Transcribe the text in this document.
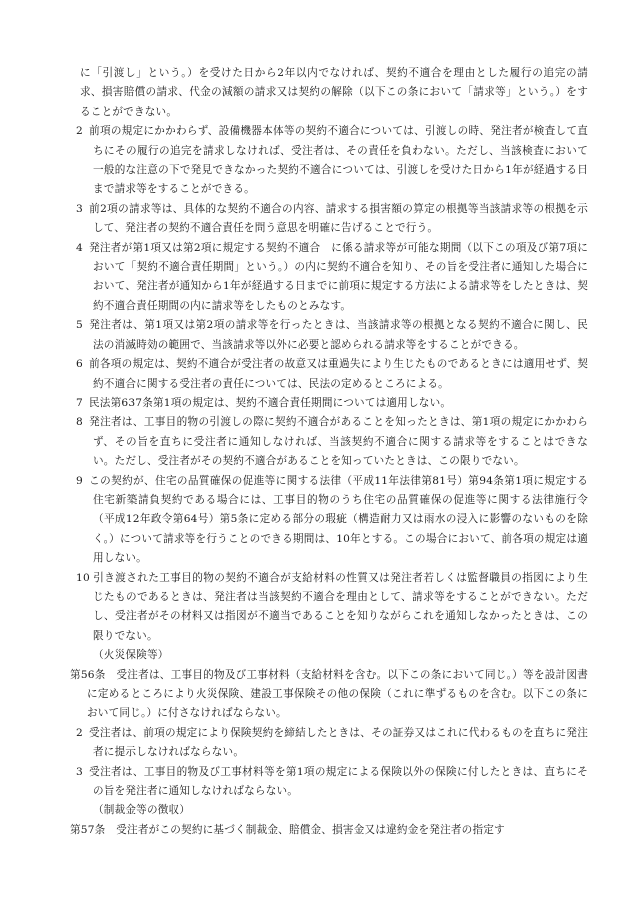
に「引渡し」という。）を受けた日から2年以内でなければ、契約不適合を理由とした履行の追完の請求、損害賠償の請求、代金の減額の請求又は契約の解除（以下この条において「請求等」という。）をすることができない。
2 前項の規定にかかわらず、設備機器本体等の契約不適合については、引渡しの時、発注者が検査して直ちにその履行の追完を請求しなければ、受注者は、その責任を負わない。ただし、当該検査において一般的な注意の下で発見できなかった契約不適合については、引渡しを受けた日から1年が経過する日まで請求等をすることができる。
3 前2項の請求等は、具体的な契約不適合の内容、請求する損害額の算定の根拠等当該請求等の根拠を示して、発注者の契約不適合責任を問う意思を明確に告げることで行う。
4 発注者が第1項又は第2項に規定する契約不適合　に係る請求等が可能な期間（以下この項及び第7項において「契約不適合責任期間」という。）の内に契約不適合を知り、その旨を受注者に通知した場合において、発注者が通知から1年が経過する日までに前項に規定する方法による請求等をしたときは、契約不適合責任期間の内に請求等をしたものとみなす。
5 発注者は、第1項又は第2項の請求等を行ったときは、当該請求等の根拠となる契約不適合に関し、民法の消滅時効の範囲で、当該請求等以外に必要と認められる請求等をすることができる。
6 前各項の規定は、契約不適合が受注者の故意又は重過失により生じたものであるときには適用せず、契約不適合に関する受注者の責任については、民法の定めるところによる。
7 民法第637条第1項の規定は、契約不適合責任期間については適用しない。
8 発注者は、工事目的物の引渡しの際に契約不適合があることを知ったときは、第1項の規定にかかわらず、その旨を直ちに受注者に通知しなければ、当該契約不適合に関する請求等をすることはできない。ただし、受注者がその契約不適合があることを知っていたときは、この限りでない。
9 この契約が、住宅の品質確保の促進等に関する法律（平成11年法律第81号）第94条第1項に規定する住宅新築請負契約である場合には、工事目的物のうち住宅の品質確保の促進等に関する法律施行令（平成12年政令第64号）第5条に定める部分の瑕疵（構造耐力又は雨水の浸入に影響のないものを除く。）について請求等を行うことのできる期間は、10年とする。この場合において、前各項の規定は適用しない。
10 引き渡された工事目的物の契約不適合が支給材料の性質又は発注者若しくは監督職員の指図により生じたものであるときは、発注者は当該契約不適合を理由として、請求等をすることができない。ただし、受注者がその材料又は指図が不適当であることを知りながらこれを通知しなかったときは、この限りでない。
（火災保険等）
第56条　 受注者は、工事目的物及び工事材料（支給材料を含む。以下この条において同じ。）等を設計図書に定めるところにより火災保険、建設工事保険その他の保険（これに準ずるものを含む。以下この条において同じ。）に付さなければならない。
2 受注者は、前項の規定により保険契約を締結したときは、その証券又はこれに代わるものを直ちに発注者に提示しなければならない。
3 受注者は、工事目的物及び工事材料等を第1項の規定による保険以外の保険に付したときは、直ちにその旨を発注者に通知しなければならない。
（制裁金等の徴収）
第57条　 受注者がこの契約に基づく制裁金、賠償金、損害金又は違約金を発注者の指定す
